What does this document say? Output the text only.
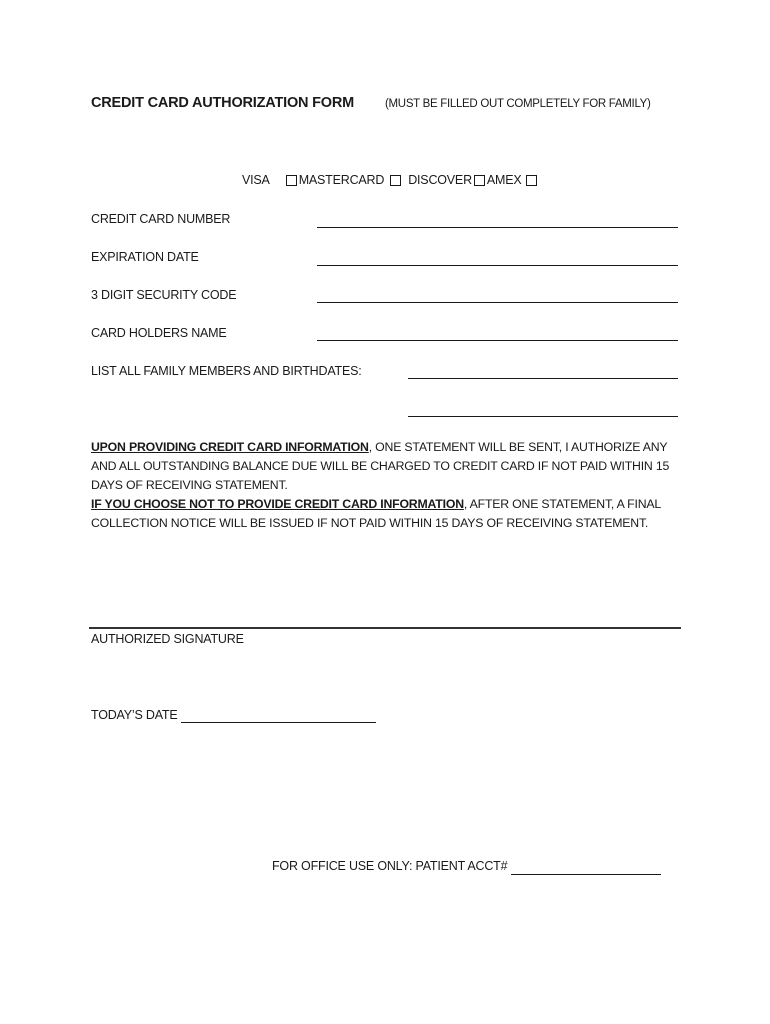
CREDIT CARD AUTHORIZATION FORM	(MUST BE FILLED OUT COMPLETELY FOR FAMILY)
VISA MASTERCARD DISCOVER AMEX
CREDIT CARD NUMBER
EXPIRATION DATE
3 DIGIT SECURITY CODE
CARD HOLDERS NAME
LIST ALL FAMILY MEMBERS AND BIRTHDATES:
UPON PROVIDING CREDIT CARD INFORMATION, ONE STATEMENT WILL BE SENT, I AUTHORIZE ANY AND ALL OUTSTANDING BALANCE DUE WILL BE CHARGED TO CREDIT CARD IF NOT PAID WITHIN 15 DAYS OF RECEIVING STATEMENT.
IF YOU CHOOSE NOT TO PROVIDE CREDIT CARD INFORMATION, AFTER ONE STATEMENT, A FINAL COLLECTION NOTICE WILL BE ISSUED IF NOT PAID WITHIN 15 DAYS OF RECEIVING STATEMENT.
AUTHORIZED SIGNATURE
TODAY’S DATE
FOR OFFICE USE ONLY: PATIENT ACCT#
